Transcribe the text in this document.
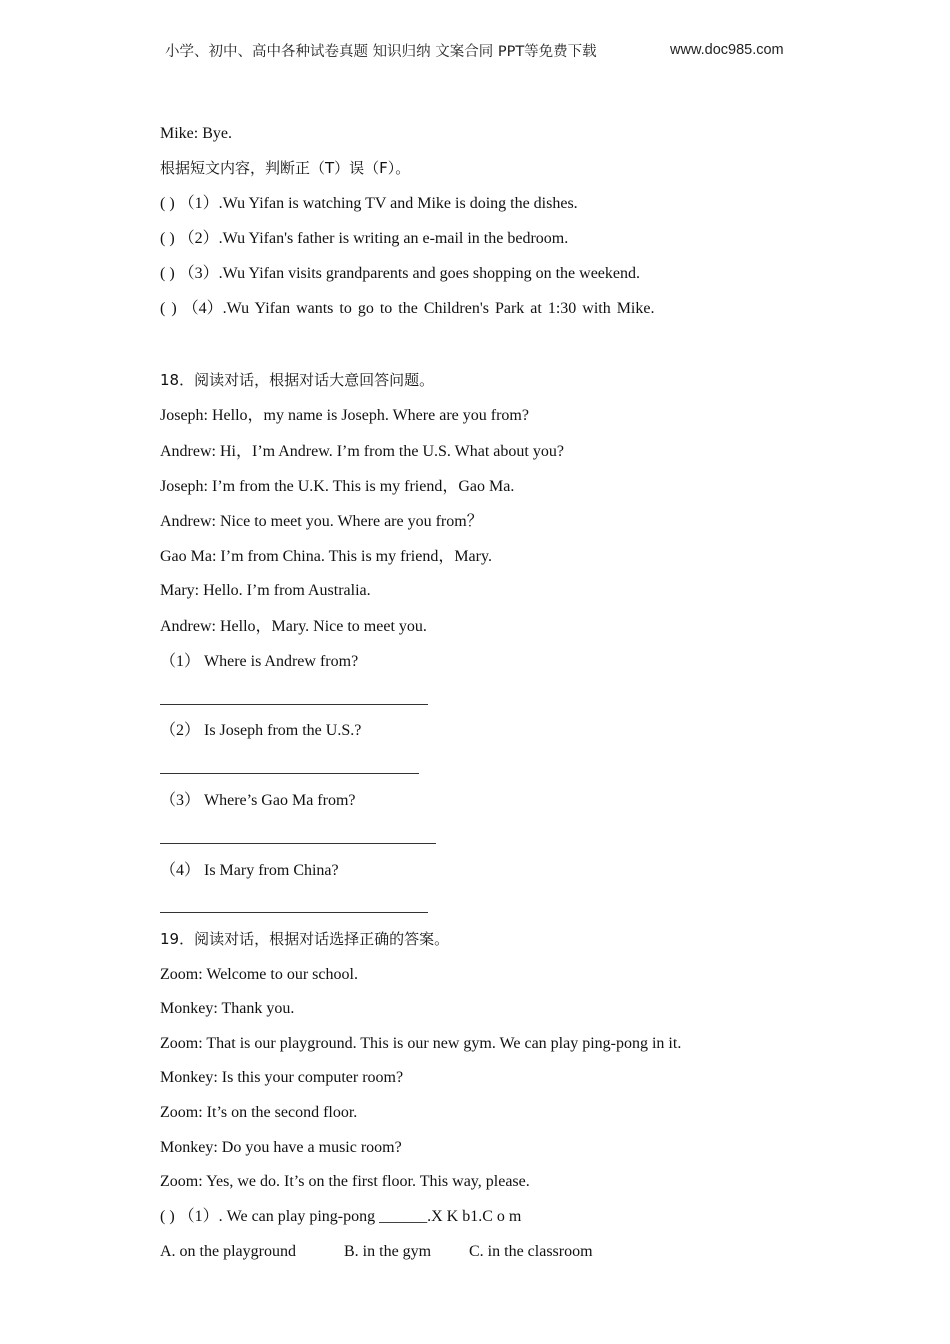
小学、初中、高中各种试卷真题 知识归纳 文案合同 PPT等免费下载	www.doc985.com
Mike: Bye.
根据短文内容，判断正（T）误（F）。
( ) （1）.Wu Yifan is watching TV and Mike is doing the dishes.
( ) （2）.Wu Yifan's father is writing an e-mail in the bedroom.
( ) （3）.Wu Yifan visits grandparents and goes shopping on the weekend.
( ) （4）.Wu Yifan wants to go to the Children's Park at 1:30 with Mike.
18．阅读对话，根据对话大意回答问题。
Joseph: Hello，my name is Joseph. Where are you from?
Andrew: Hi，I’m Andrew. I’m from the U.S. What about you?
Joseph: I’m from the U.K. This is my friend，Gao Ma.
Andrew: Nice to meet you. Where are you from？
Gao Ma: I’m from China. This is my friend，Mary.
Mary: Hello. I’m from Australia.
Andrew: Hello，Mary. Nice to meet you.
（1） Where is Andrew from?
（2） Is Joseph from the U.S.?
（3） Where’s Gao Ma from?
（4） Is Mary from China?
19．阅读对话，根据对话选择正确的答案。
Zoom: Welcome to our school.
Monkey: Thank you.
Zoom: That is our playground. This is our new gym. We can play ping-pong in it.
Monkey: Is this your computer room?
Zoom: It’s on the second floor.
Monkey: Do you have a music room?
Zoom: Yes, we do. It’s on the first floor. This way, please.
( ) （1）. We can play ping-pong ______.X K b1.C o m
A. on the playground	B. in the gym C. in the classroom
